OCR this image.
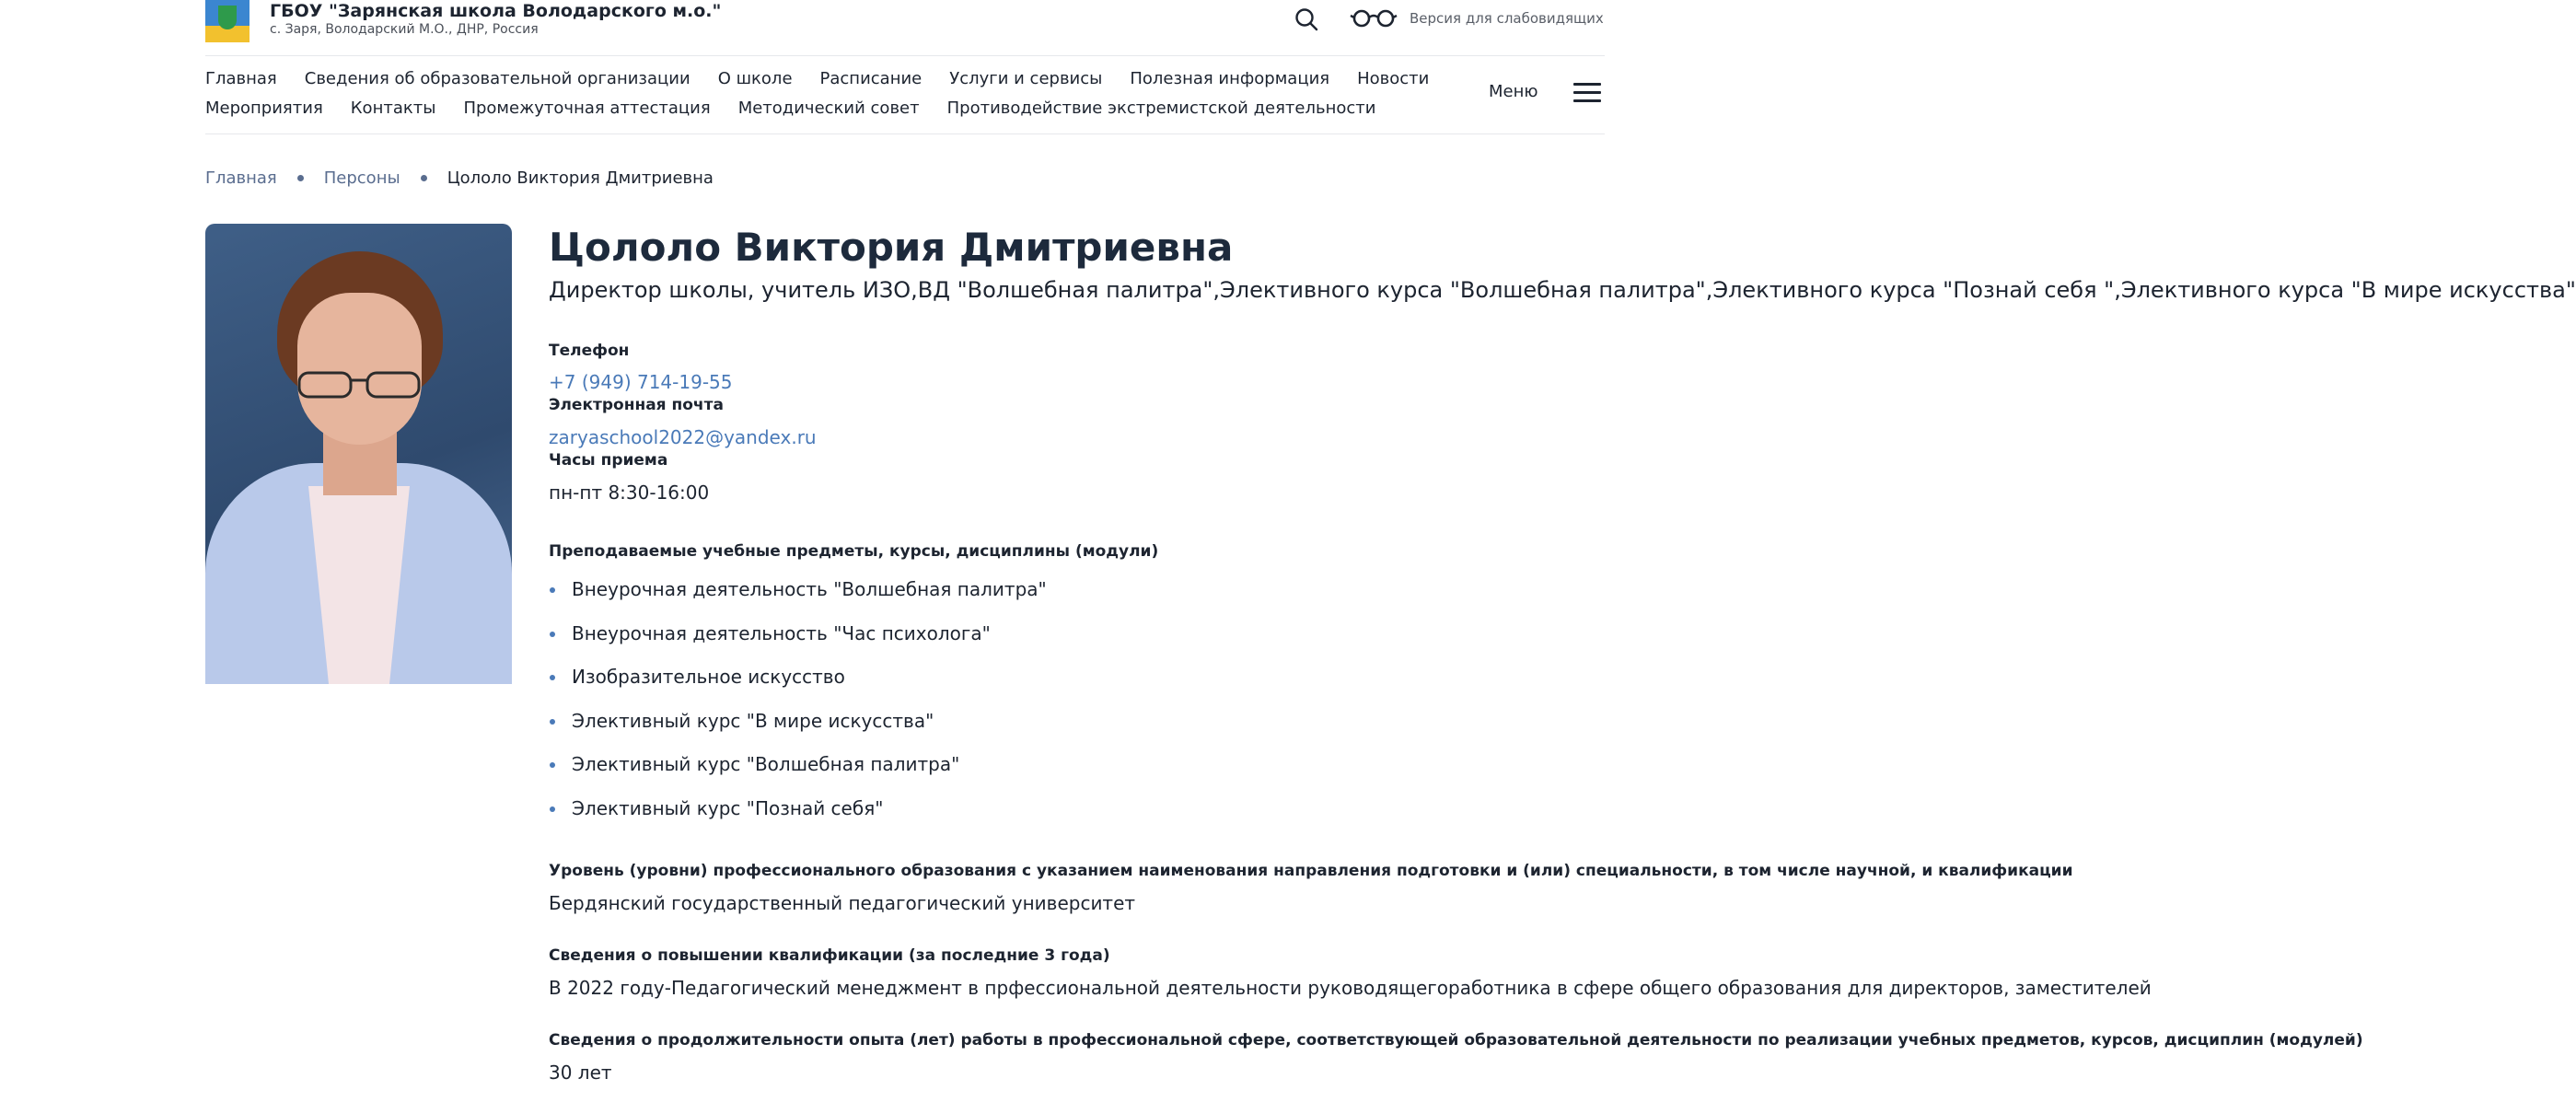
ГБОУ "Зарянская школа Володарского м.о."
с. Заря, Володарский М.О., ДНР, Россия
Версия для слабовидящих
Главная Сведения об образовательной организации О школе Расписание Услуги и сервисы Полезная информация Новости
Мероприятия Контакты Промежуточная аттестация Методический совет Противодействие экстремистской деятельности
Меню
Главная	Персоны	Цололо Виктория Дмитриевна
Цололо Виктория Дмитриевна
Директор школы, учитель ИЗО,ВД "Волшебная палитра",Элективного курса "Волшебная палитра",Элективного курса "Познай себя ",Элективного курса "В мире искусства"
Телефон
+7 (949) 714-19-55
Электронная почта
zaryaschool2022@yandex.ru
Часы приема
пн-пт 8:30-16:00
Преподаваемые учебные предметы, курсы, дисциплины (модули)
Внеурочная деятельность "Волшебная палитра"
Внеурочная деятельность "Час психолога"
Изобразительное искусство
Элективный курс "В мире искусства"
Элективный курс "Волшебная палитра"
Элективный курс "Познай себя"
Уровень (уровни) профессионального образования с указанием наименования направления подготовки и (или) специальности, в том числе научной, и квалификации
Бердянский государственный педагогический университет
Сведения о повышении квалификации (за последние 3 года)
В 2022 году-Педагогический менеджмент в прфессиональной деятельности руководящегоработника в сфере общего образования для директоров, заместителей
Сведения о продолжительности опыта (лет) работы в профессиональной сфере, соответствующей образовательной деятельности по реализации учебных предметов, курсов, дисциплин (модулей)
30 лет
